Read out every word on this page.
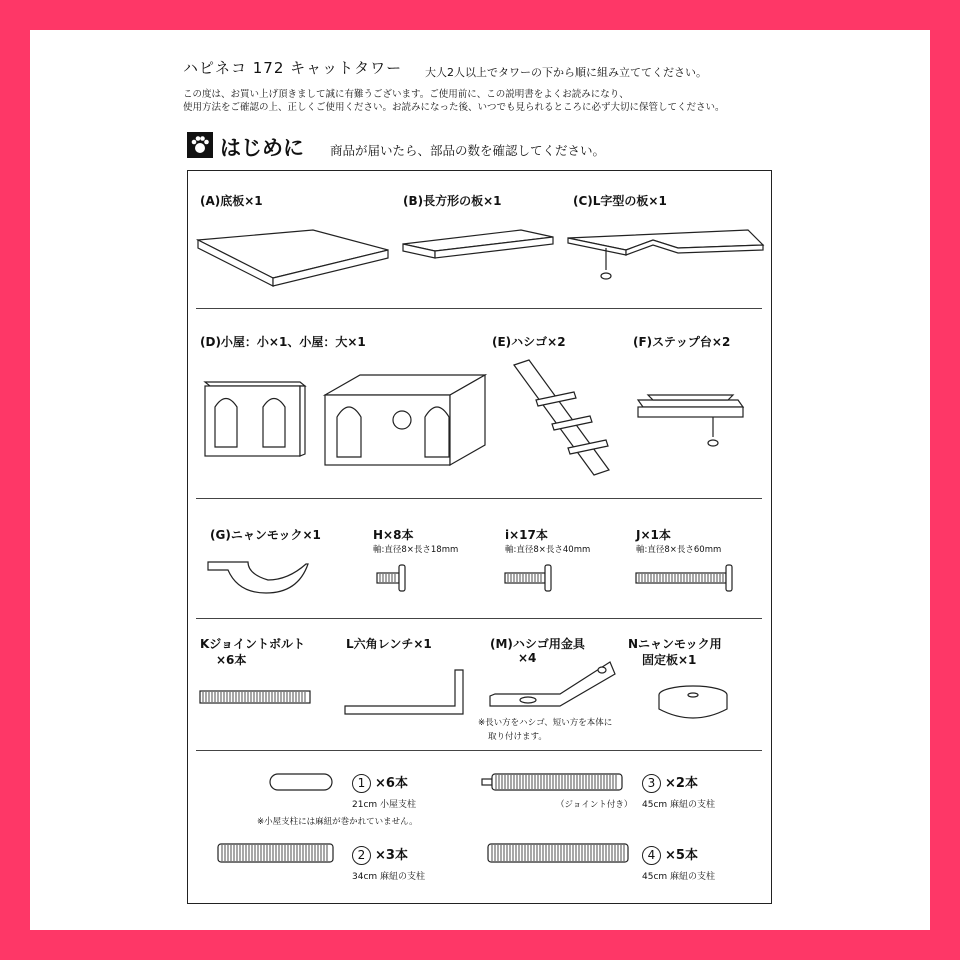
ハピネコ 172 キャットタワー 大人2人以上でタワーの下から順に組み立ててください。
この度は、お買い上げ頂きまして誠に有難うございます。ご使用前に、この説明書をよくお読みになり、
使用方法をご確認の上、正しくご使用ください。お読みになった後、いつでも見られるところに必ず大切に保管してください。
はじめに 商品が届いたら、部品の数を確認してください。
(A)底板×1	(B)長方形の板×1	(C)L字型の板×1
(D)小屋：小×1、小屋：大×1	(E)ハシゴ×2	(F)ステップ台×2
(G)ニャンモック×1	H×8本
軸:直径8×長さ18mm
i×17本
軸:直径8×長さ40mm
J×1本
軸:直径8×長さ60mm
Kジョイントボルト
×6本
L六角レンチ×1	(M)ハシゴ用金具
×4
Nニャンモック用
固定板×1
※長い方をハシゴ、短い方を本体に
取り付けます。
1 ×6本
21cm 小屋支柱
※小屋支柱には麻紐が巻かれていません。
3 ×2本
（ジョイント付き） 45cm 麻紐の支柱
2 ×3本
34cm 麻紐の支柱
4 ×5本
45cm 麻紐の支柱
